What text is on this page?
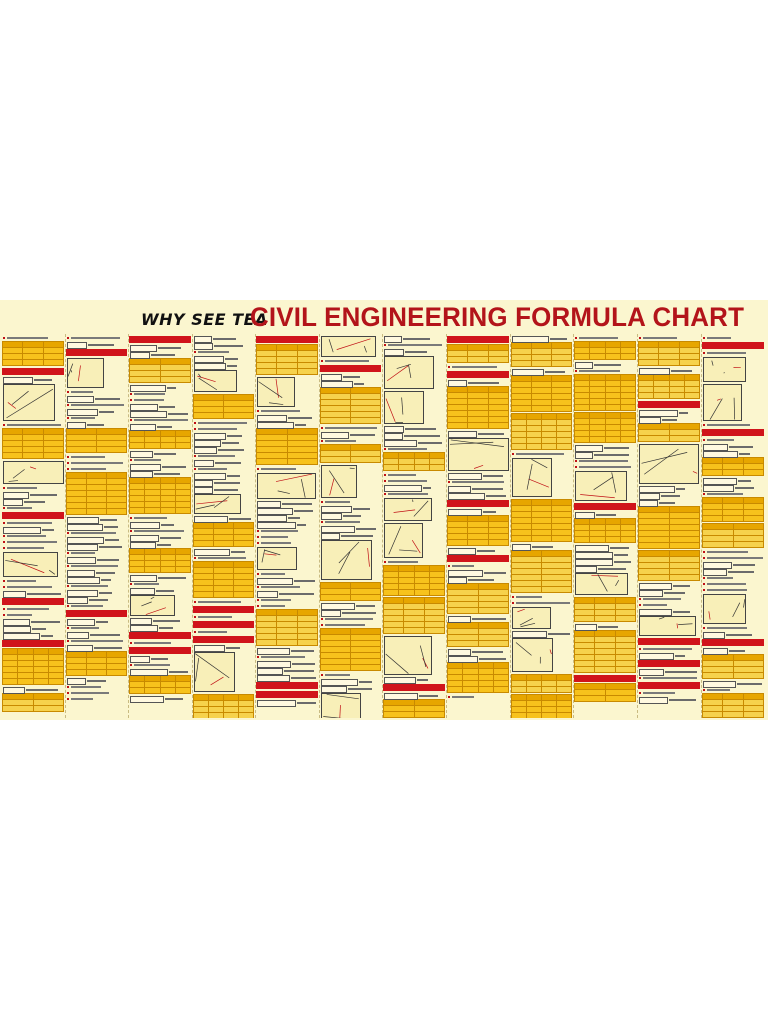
WHY SEE TEA
CIVIL ENGINEERING FORMULA CHART
